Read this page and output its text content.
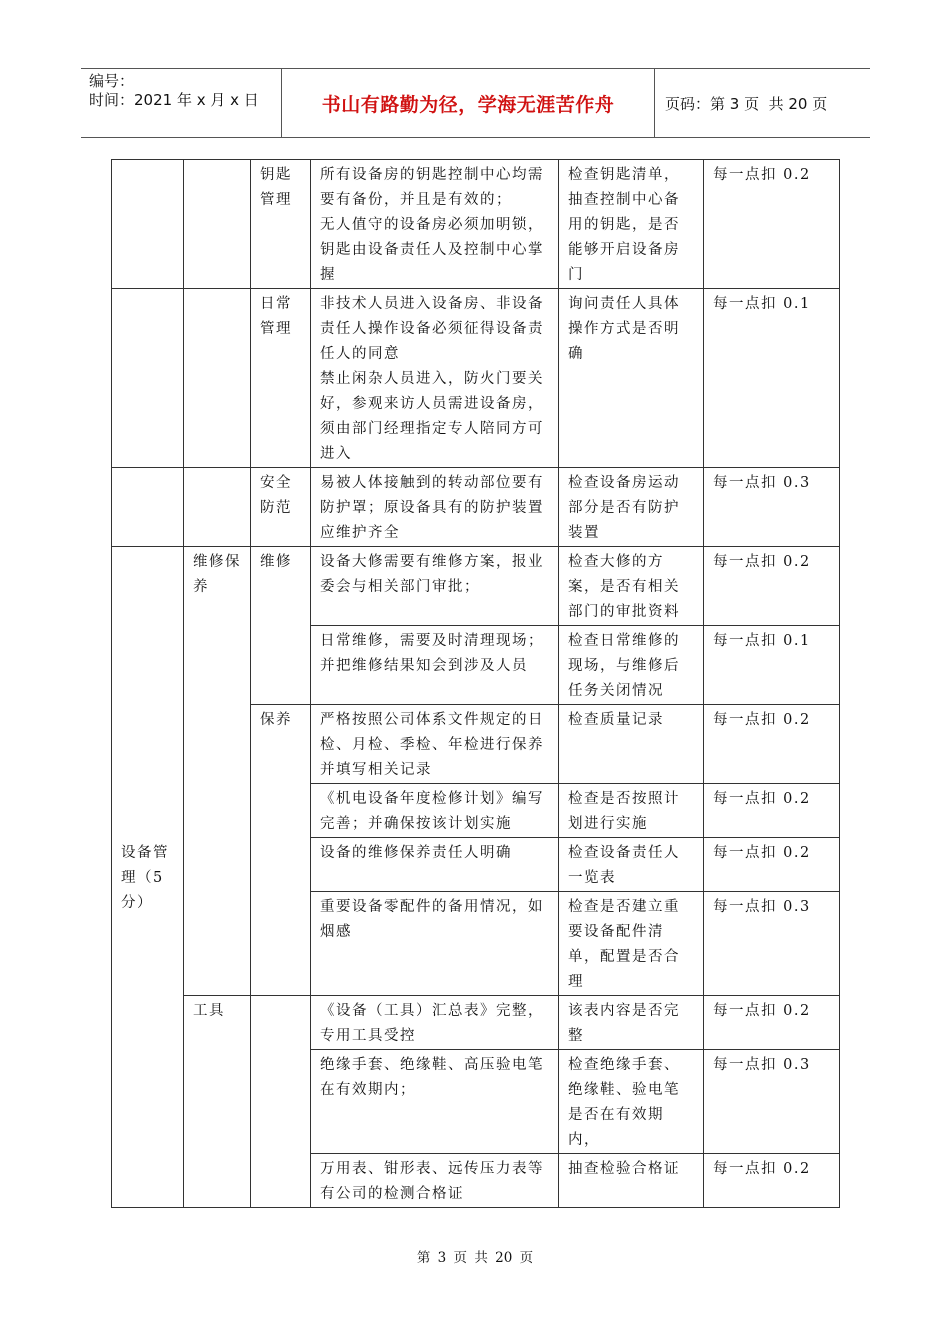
编号：
时间：2021 年 x 月 x 日	书山有路勤为径，学海无涯苦作舟	页码：第 3 页  共 20 页
		钥匙管理	所有设备房的钥匙控制中心均需要有备份，并且是有效的；
无人值守的设备房必须加明锁，钥匙由设备责任人及控制中心掌握	检查钥匙清单，抽查控制中心备用的钥匙，是否能够开启设备房门	每一点扣 0.2
		日常管理	非技术人员进入设备房、非设备责任人操作设备必须征得设备责任人的同意
禁止闲杂人员进入，防火门要关好，参观来访人员需进设备房，须由部门经理指定专人陪同方可进入	询问责任人具体操作方式是否明确	每一点扣 0.1
		安全防范	易被人体接触到的转动部位要有防护罩；原设备具有的防护装置应维护齐全	检查设备房运动部分是否有防护装置	每一点扣 0.3
设备管理（5分）	维修保养	维修	设备大修需要有维修方案，报业委会与相关部门审批；	检查大修的方案，是否有相关部门的审批资料	每一点扣 0.2
			日常维修，需要及时清理现场；并把维修结果知会到涉及人员	检查日常维修的现场，与维修后任务关闭情况	每一点扣 0.1
		保养	严格按照公司体系文件规定的日检、月检、季检、年检进行保养并填写相关记录	检查质量记录	每一点扣 0.2
			《机电设备年度检修计划》编写完善；并确保按该计划实施	检查是否按照计划进行实施	每一点扣 0.2
			设备的维修保养责任人明确	检查设备责任人一览表	每一点扣 0.2
			重要设备零配件的备用情况，如烟感	检查是否建立重要设备配件清单，配置是否合理	每一点扣 0.3
	工具		《设备（工具）汇总表》完整，专用工具受控	该表内容是否完整	每一点扣 0.2
			绝缘手套、绝缘鞋、高压验电笔在有效期内；	检查绝缘手套、绝缘鞋、验电笔是否在有效期内，	每一点扣 0.3
			万用表、钳形表、远传压力表等有公司的检测合格证	抽查检验合格证	每一点扣 0.2
第 3 页 共 20 页
